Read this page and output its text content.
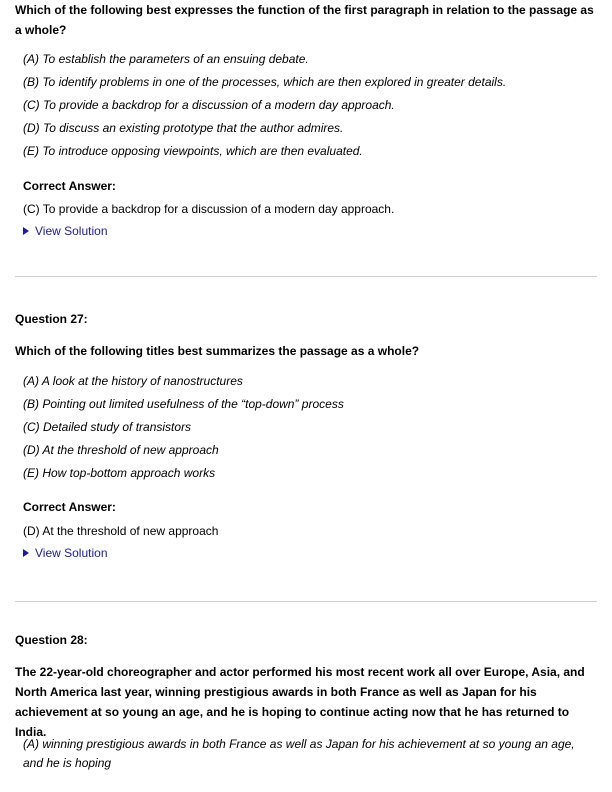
Which of the following best expresses the function of the first paragraph in relation to the passage as a whole?
(A) To establish the parameters of an ensuing debate.
(B) To identify problems in one of the processes, which are then explored in greater details.
(C) To provide a backdrop for a discussion of a modern day approach.
(D) To discuss an existing prototype that the author admires.
(E) To introduce opposing viewpoints, which are then evaluated.
Correct Answer:
(C) To provide a backdrop for a discussion of a modern day approach.
View Solution
Question 27:
Which of the following titles best summarizes the passage as a whole?
(A) A look at the history of nanostructures
(B) Pointing out limited usefulness of the “top-down” process
(C) Detailed study of transistors
(D) At the threshold of new approach
(E) How top-bottom approach works
Correct Answer:
(D) At the threshold of new approach
View Solution
Question 28:
The 22-year-old choreographer and actor performed his most recent work all over Europe, Asia, and North America last year, winning prestigious awards in both France as well as Japan for his achievement at so young an age, and he is hoping to continue acting now that he has returned to India.
(A) winning prestigious awards in both France as well as Japan for his achievement at so young an age, and he is hoping
